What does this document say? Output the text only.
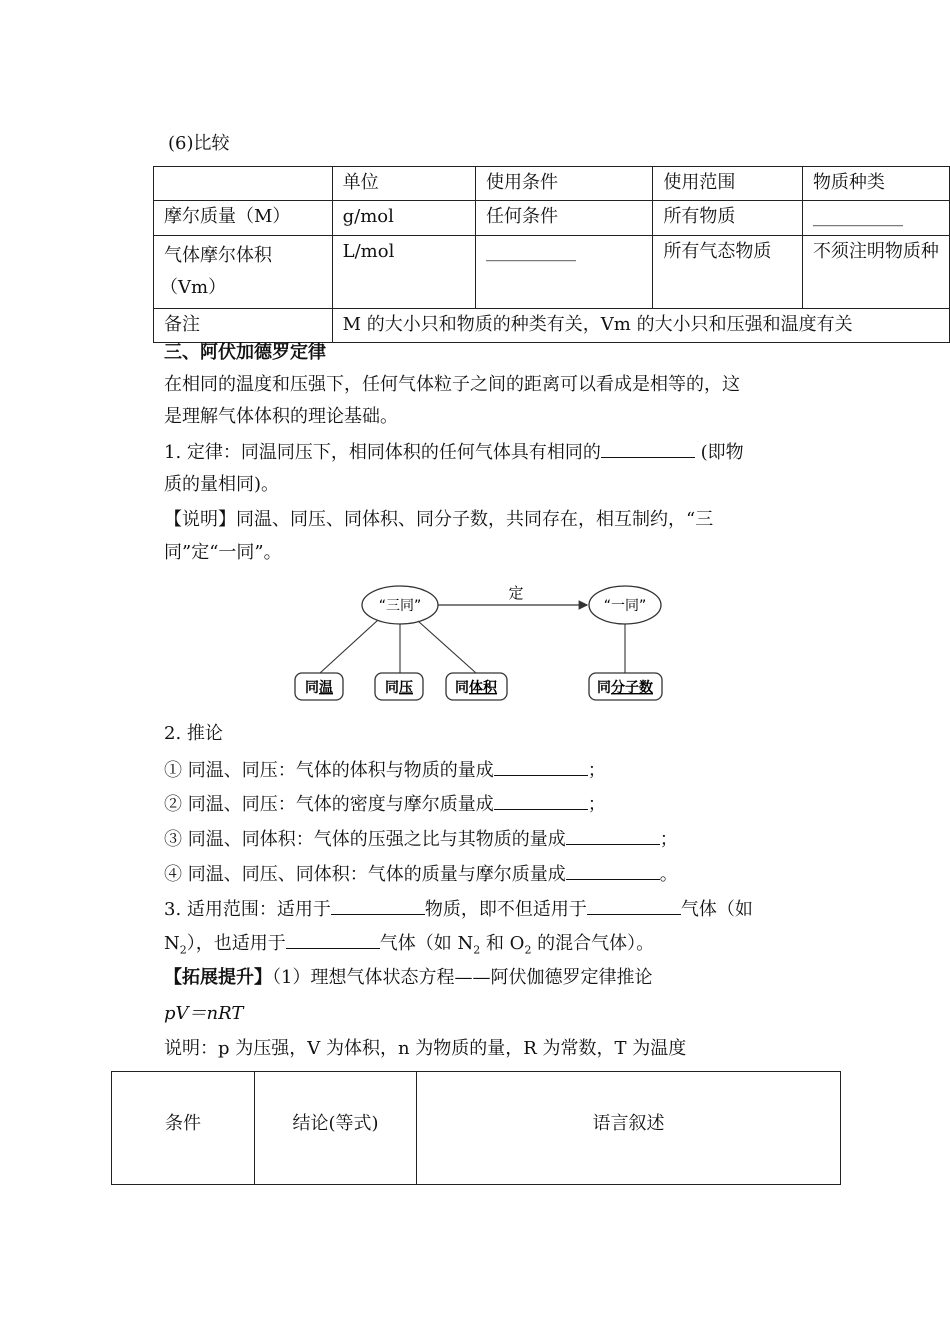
(6)比较
	单位	使用条件	使用范围	物质种类
摩尔质量（M）	g/mol	任何条件	所有物质	__________

气体摩尔体积
（Vm）	L/mol	__________	所有气态物质	不须注明物质种
备注	M 的大小只和物质的种类有关，Vm 的大小只和压强和温度有关			
三、阿伏加德罗定律
在相同的温度和压强下，任何气体粒子之间的距离可以看成是相等的，这
是理解气体体积的理论基础。
1. 定律：同温同压下，相同体积的任何气体具有相同的	(即物
质的量相同)。
【说明】同温、同压、同体积、同分子数，共同存在，相互制约，“三
同”定“一同”。
“三同”	“一同”
定
同温	同压	同体积	同分子数
2. 推论
① 同温、同压：气体的体积与物质的量成	；
② 同温、同压：气体的密度与摩尔质量成	；
③ 同温、同体积：气体的压强之比与其物质的量成	；
④ 同温、同压、同体积：气体的质量与摩尔质量成	。
3. 适用范围：适用于	物质，即不但适用于	气体（如
$N_2$），也适用于	气体（如 $N_2$ 和 $O_2$ 的混合气体）。
【拓展提升】（1）理想气体状态方程——阿伏伽德罗定律推论
pV＝nRT
说明：p 为压强，V 为体积，n 为物质的量，R 为常数，T 为温度
条件	结论(等式)	语言叙述
